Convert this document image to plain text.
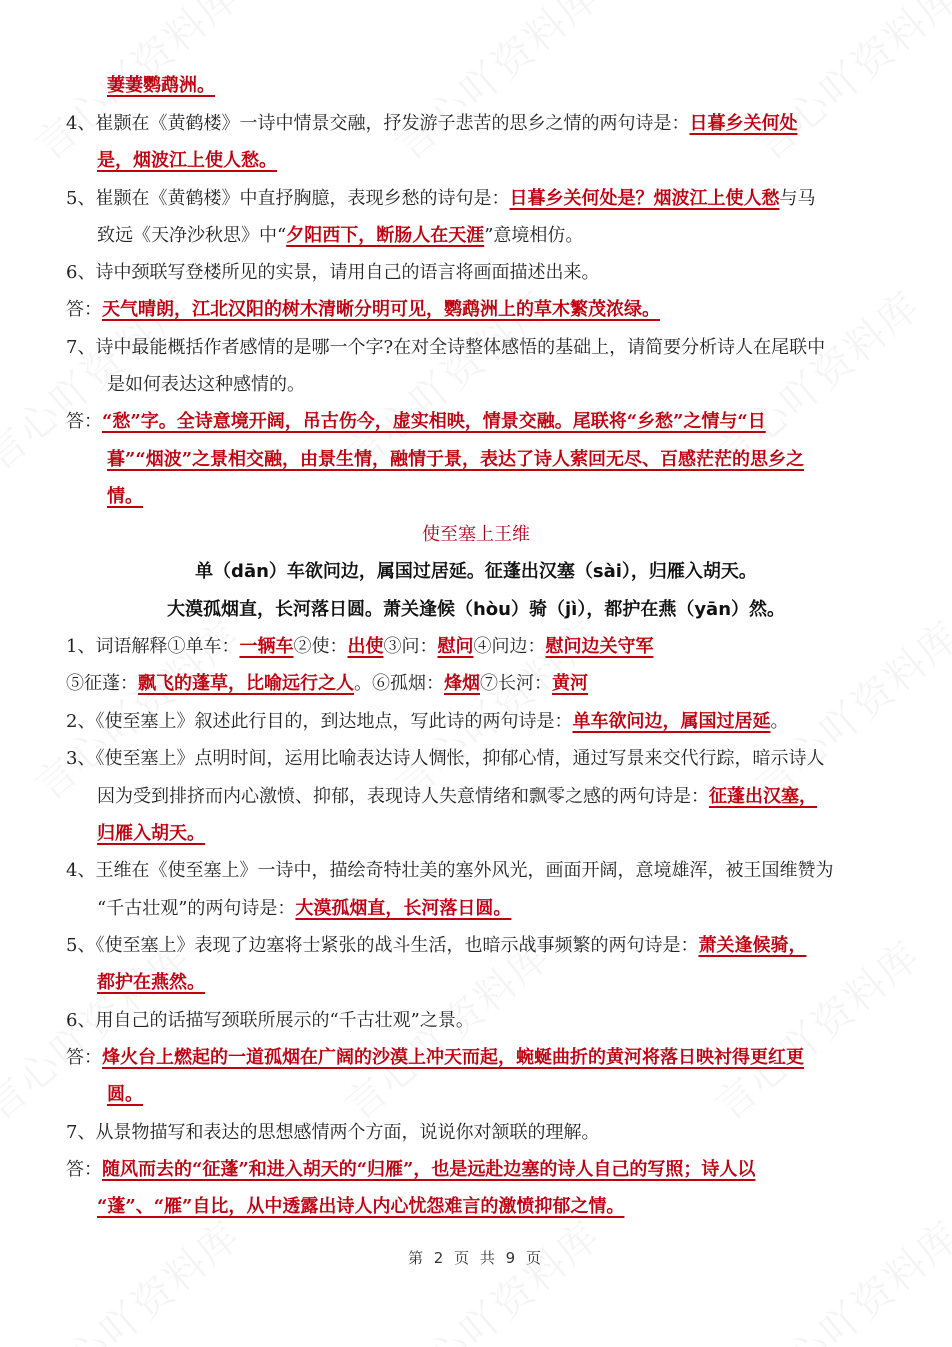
萋萋鹦鹉洲。
4、崔颢在《黄鹤楼》一诗中情景交融，抒发游子悲苦的思乡之情的两句诗是：日暮乡关何处
是，烟波江上使人愁。
5、崔颢在《黄鹤楼》中直抒胸臆，表现乡愁的诗句是：日暮乡关何处是？烟波江上使人愁与马
致远《天净沙秋思》中“夕阳西下，断肠人在天涯”意境相仿。
6、诗中颈联写登楼所见的实景，请用自己的语言将画面描述出来。
答：天气晴朗，江北汉阳的树木清晰分明可见，鹦鹉洲上的草木繁茂浓绿。
7、诗中最能概括作者感情的是哪一个字?在对全诗整体感悟的基础上，请简要分析诗人在尾联中
是如何表达这种感情的。
答：“愁”字。全诗意境开阔，吊古伤今，虚实相映，情景交融。尾联将“乡愁”之情与“日
暮”“烟波”之景相交融，由景生情，融情于景，表达了诗人萦回无尽、百感茫茫的思乡之
情。
使至塞上王维
单（dān）车欲问边，属国过居延。征蓬出汉塞（sài），归雁入胡天。
大漠孤烟直，长河落日圆。萧关逢候（hòu）骑（jì），都护在燕（yān）然。
1、词语解释①单车：一辆车②使：出使③问：慰问④问边：慰问边关守军
⑤征蓬：飘飞的蓬草，比喻远行之人。⑥孤烟：烽烟⑦长河：黄河
2、《使至塞上》叙述此行目的，到达地点，写此诗的两句诗是：单车欲问边，属国过居延。
3、《使至塞上》点明时间，运用比喻表达诗人惆怅，抑郁心情，通过写景来交代行踪，暗示诗人
因为受到排挤而内心激愤、抑郁，表现诗人失意情绪和飘零之感的两句诗是：征蓬出汉塞，
归雁入胡天。
4、王维在《使至塞上》一诗中，描绘奇特壮美的塞外风光，画面开阔，意境雄浑，被王国维赞为
“千古壮观”的两句诗是：大漠孤烟直，长河落日圆。
5、《使至塞上》表现了边塞将士紧张的战斗生活，也暗示战事频繁的两句诗是：萧关逢候骑，
都护在燕然。
6、用自己的话描写颈联所展示的“千古壮观”之景。
答：烽火台上燃起的一道孤烟在广阔的沙漠上冲天而起，蜿蜒曲折的黄河将落日映衬得更红更
圆。
7、从景物描写和表达的思想感情两个方面，说说你对颔联的理解。
答：随风而去的“征蓬”和进入胡天的“归雁”，也是远赴边塞的诗人自己的写照；诗人以
“蓬”、“雁”自比，从中透露出诗人内心忧怨难言的激愤抑郁之情。
第 2 页 共 9 页
